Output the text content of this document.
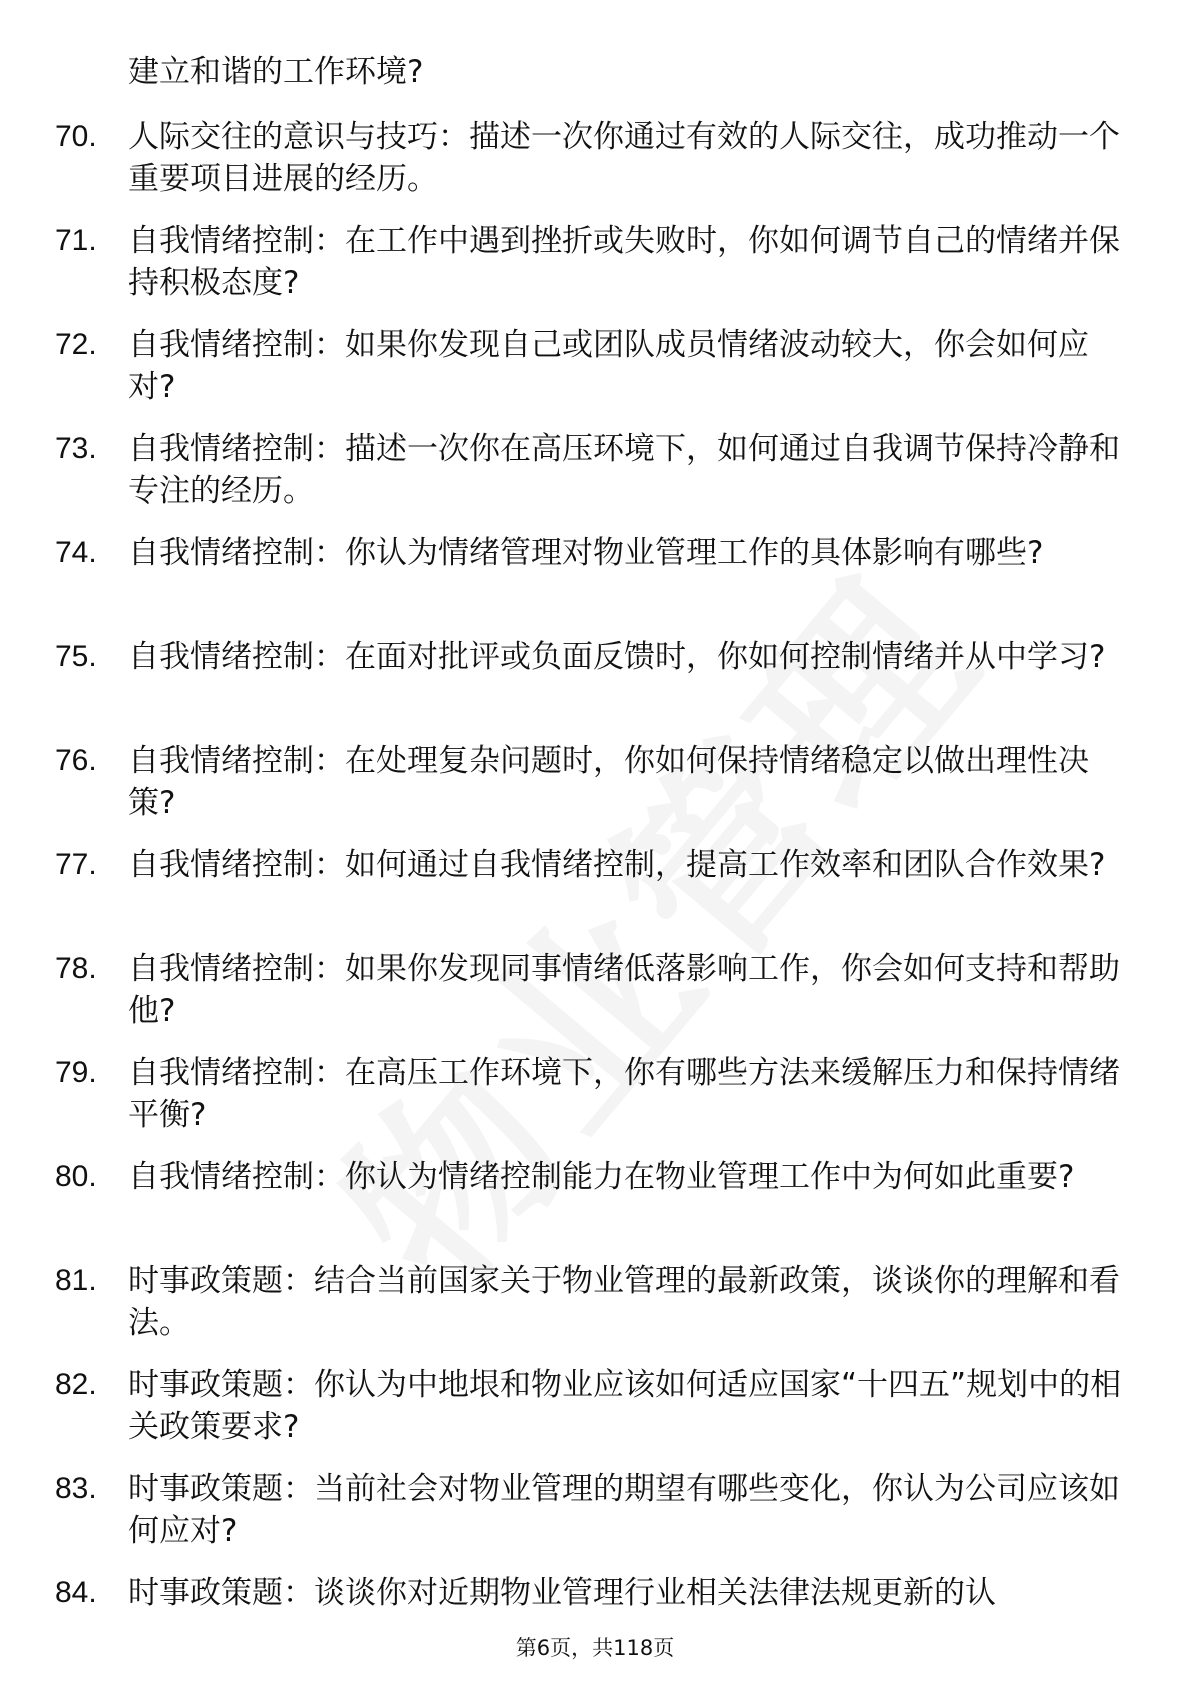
建立和谐的工作环境?
70. 人际交往的意识与技巧：描述一次你通过有效的人际交往，成功推动一个重要项目进展的经历。
71. 自我情绪控制：在工作中遇到挫折或失败时，你如何调节自己的情绪并保持积极态度?
72. 自我情绪控制：如果你发现自己或团队成员情绪波动较大，你会如何应对?
73. 自我情绪控制：描述一次你在高压环境下，如何通过自我调节保持冷静和专注的经历。
74. 自我情绪控制：你认为情绪管理对物业管理工作的具体影响有哪些?
75. 自我情绪控制：在面对批评或负面反馈时，你如何控制情绪并从中学习?
76. 自我情绪控制：在处理复杂问题时，你如何保持情绪稳定以做出理性决策?
77. 自我情绪控制：如何通过自我情绪控制，提高工作效率和团队合作效果?
78. 自我情绪控制：如果你发现同事情绪低落影响工作，你会如何支持和帮助他?
79. 自我情绪控制：在高压工作环境下，你有哪些方法来缓解压力和保持情绪平衡?
80. 自我情绪控制：你认为情绪控制能力在物业管理工作中为何如此重要?
81. 时事政策题：结合当前国家关于物业管理的最新政策，谈谈你的理解和看法。
82. 时事政策题：你认为中地垠和物业应该如何适应国家“十四五”规划中的相关政策要求?
83. 时事政策题：当前社会对物业管理的期望有哪些变化，你认为公司应该如何应对?
84. 时事政策题：谈谈你对近期物业管理行业相关法律法规更新的认
第6页，共118页
